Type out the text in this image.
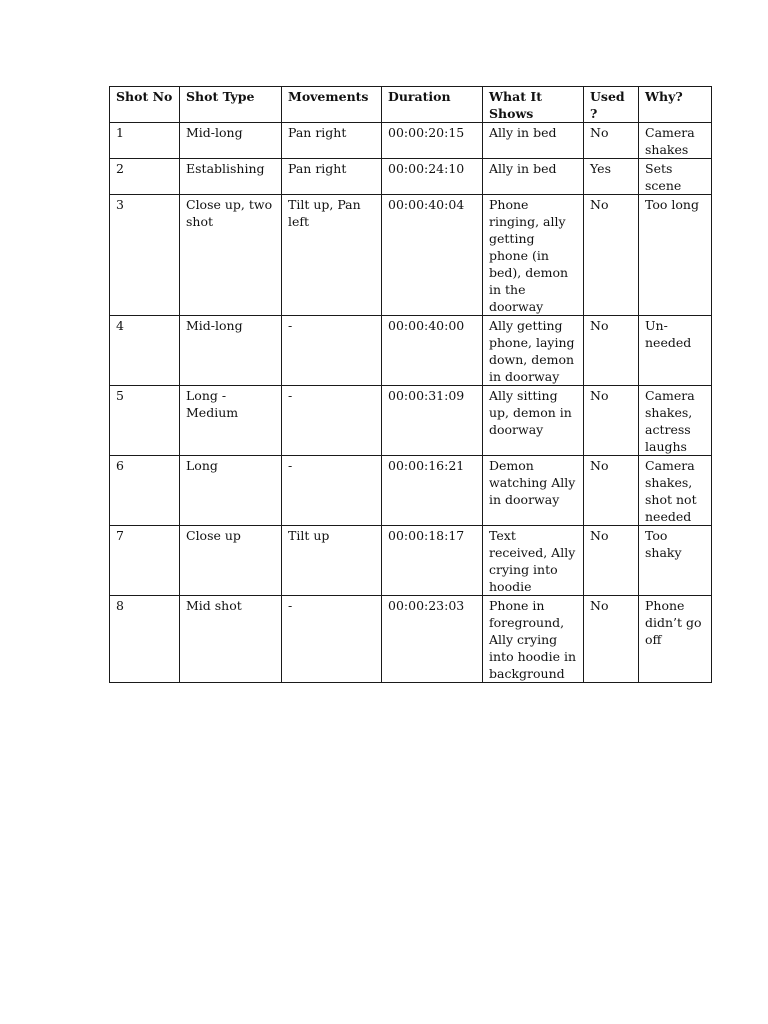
Shot No	Shot Type	Movements	Duration	What It Shows	Used ?	Why?
1	Mid-long	Pan right	00:00:20:15	Ally in bed	No	Camera shakes
2	Establishing	Pan right	00:00:24:10	Ally in bed	Yes	Sets scene
3	Close up, two shot	Tilt up, Pan left	00:00:40:04	Phone ringing, ally getting phone (in bed), demon in the doorway	No	Too long
4	Mid-long	-	00:00:40:00	Ally getting phone, laying down, demon in doorway	No	Un-needed
5	Long - Medium	-	00:00:31:09	Ally sitting up, demon in doorway	No	Camera shakes, actress laughs
6	Long	-	00:00:16:21	Demon watching Ally in doorway	No	Camera shakes, shot not needed
7	Close up	Tilt up	00:00:18:17	Text received, Ally crying into hoodie	No	Too shaky
8	Mid shot	-	00:00:23:03	Phone in foreground, Ally crying into hoodie in background	No	Phone didn’t go off
